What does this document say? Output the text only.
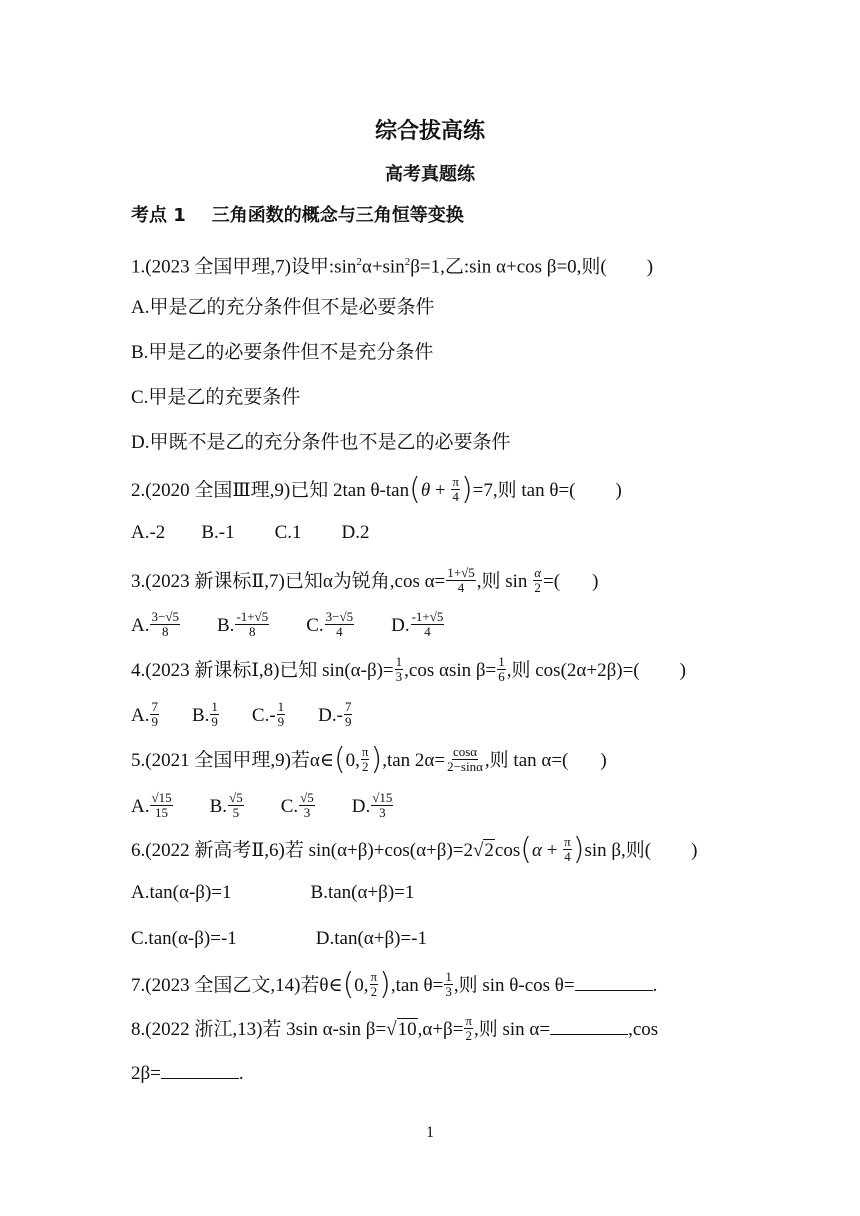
综合拔高练
高考真题练
考点 1 三角函数的概念与三角恒等变换
1.(2023 全国甲理,7)设甲$:\sin^2\alpha+\sin^2\beta=1$,乙:sin α+cos β=0,则( )
A.甲是乙的充分条件但不是必要条件
B.甲是乙的必要条件但不是充分条件
C.甲是乙的充要条件
D.甲既不是乙的充分条件也不是乙的必要条件
2.(2020 全国Ⅲ理,9)已知 2tan $\theta-\tan(\theta + \frac{\pi}{4} )=7$,则 tan θ=( )
A.-2 B.-1 C.1 D.2
3.(2023 新课标Ⅱ,7)已知α为锐角,cos $\alpha= \frac{1+√5}{4}$ ,则 $\sin \frac{\alpha}{2}$ =( )
A. $\frac{3-√5}{8} B$. $\frac{-1+√5}{8} C$. $\frac{3-√5}{4} D$. $\frac{-1+√5}{4}$
4.(2023 新课标Ⅰ,8)已知 $\sin(\alpha-\beta)= \frac{1}{3} ,\cos$ αsin $\beta= \frac{1}{6}$ ,则 cos(2α+2β)=( )
A. $\frac{7}{9} B$. $\frac{1}{9} C.- \frac{1}{9} D.- \frac{7}{9}$
5.(2021 全国甲理,9)若α∈(0, $\frac{\pi}{2} ),\tan$ $2\alpha= \frac{\cos\alpha}{2-\sin\alpha}$ ,则 tan α=( )
A. $\frac{√15}{15} B$. $\frac{√5}{5} C$. $\frac{√5}{3} D$. $\frac{√15}{3}$
6.(2022 新高考Ⅱ,6)若 $\sin(\alpha+\beta)+\cos(\alpha+\beta)=2√2\cos(\alpha + \frac{\pi}{4} )\sin$ β,则( )
A.tan(α-β)=1	B.tan(α+β)=1
C.tan(α-β)=-1	D.tan(α+β)=-1
7.(2023 全国乙文,14)若θ∈(0, $\frac{\pi}{2} ),\tan$ $\theta= \frac{1}{3}$ ,则 sin θ-cos θ=	.
8.(2022 浙江,13)若 3sin α-sin $\beta=√10,\alpha+\beta= \frac{\pi}{2}$ ,则 sin α=	,cos
2β=	.
1
